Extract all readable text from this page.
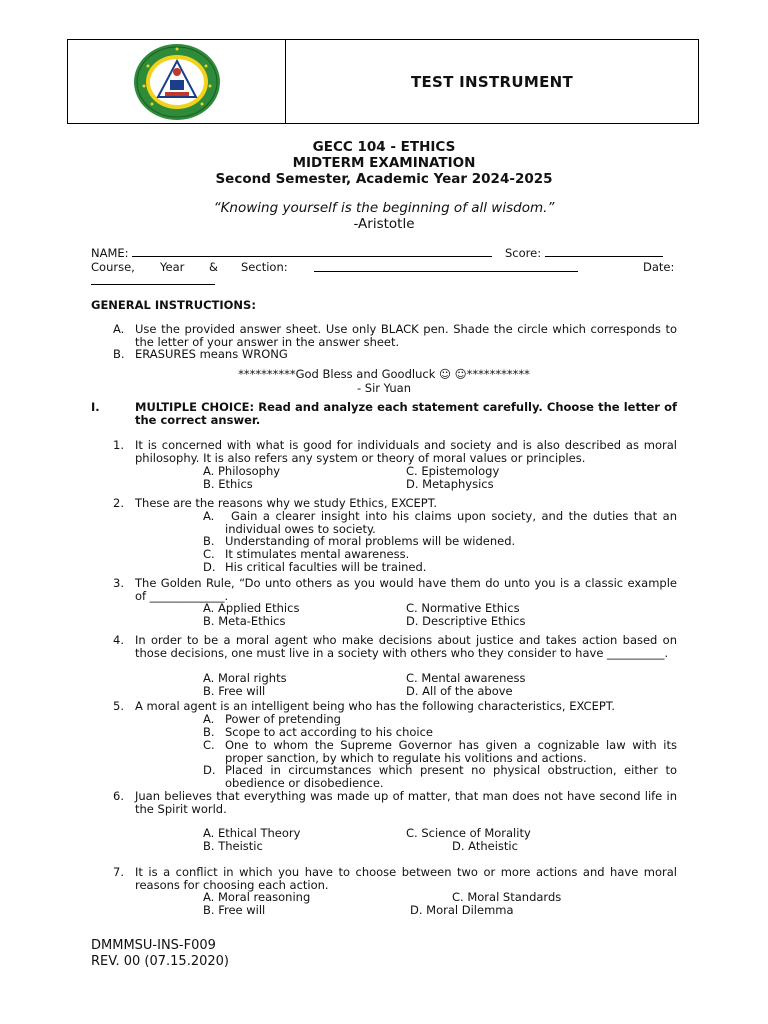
TEST INSTRUMENT
GECC 104 - ETHICS
MIDTERM EXAMINATION
Second Semester, Academic Year 2024-2025
“Knowing yourself is the beginning of all wisdom.”
-Aristotle
NAME:	Score:
Course, Year & Section:	Date:
GENERAL INSTRUCTIONS:
A. Use the provided answer sheet. Use only BLACK pen. Shade the circle which corresponds to the letter of your answer in the answer sheet.
B. ERASURES means WRONG
**********God Bless and Goodluck ☺ ☺***********
- Sir Yuan
I.	MULTIPLE CHOICE: Read and analyze each statement carefully. Choose the letter of the correct answer.
1. It is concerned with what is good for individuals and society and is also described as moral philosophy. It is also refers any system or theory of moral values or principles.
A. Philosophy	C. Epistemology
B. Ethics	D. Metaphysics
2. These are the reasons why we study Ethics, EXCEPT.
A.	Gain a clearer insight into his claims upon society, and the duties that an individual owes to society.
B. Understanding of moral problems will be widened.
C. It stimulates mental awareness.
D. His critical faculties will be trained.
3. The Golden Rule, “Do unto others as you would have them do unto you is a classic example of _____________.
A. Applied Ethics	C. Normative Ethics
B. Meta-Ethics	D. Descriptive Ethics
4. In order to be a moral agent who make decisions about justice and takes action based on those decisions, one must live in a society with others who they consider to have __________.
A. Moral rights	C. Mental awareness
B. Free will	D. All of the above
5. A moral agent is an intelligent being who has the following characteristics, EXCEPT.
A. Power of pretending
B. Scope to act according to his choice
C. One to whom the Supreme Governor has given a cognizable law with its proper sanction, by which to regulate his volitions and actions.
D. Placed in circumstances which present no physical obstruction, either to obedience or disobedience.
6. Juan believes that everything was made up of matter, that man does not have second life in the Spirit world.
A. Ethical Theory	C. Science of Morality
B. Theistic	D. Atheistic
7. It is a conflict in which you have to choose between two or more actions and have moral reasons for choosing each action.
A. Moral reasoning	C. Moral Standards
B. Free will	D. Moral Dilemma
DMMMSU-INS-F009
REV. 00 (07.15.2020)
